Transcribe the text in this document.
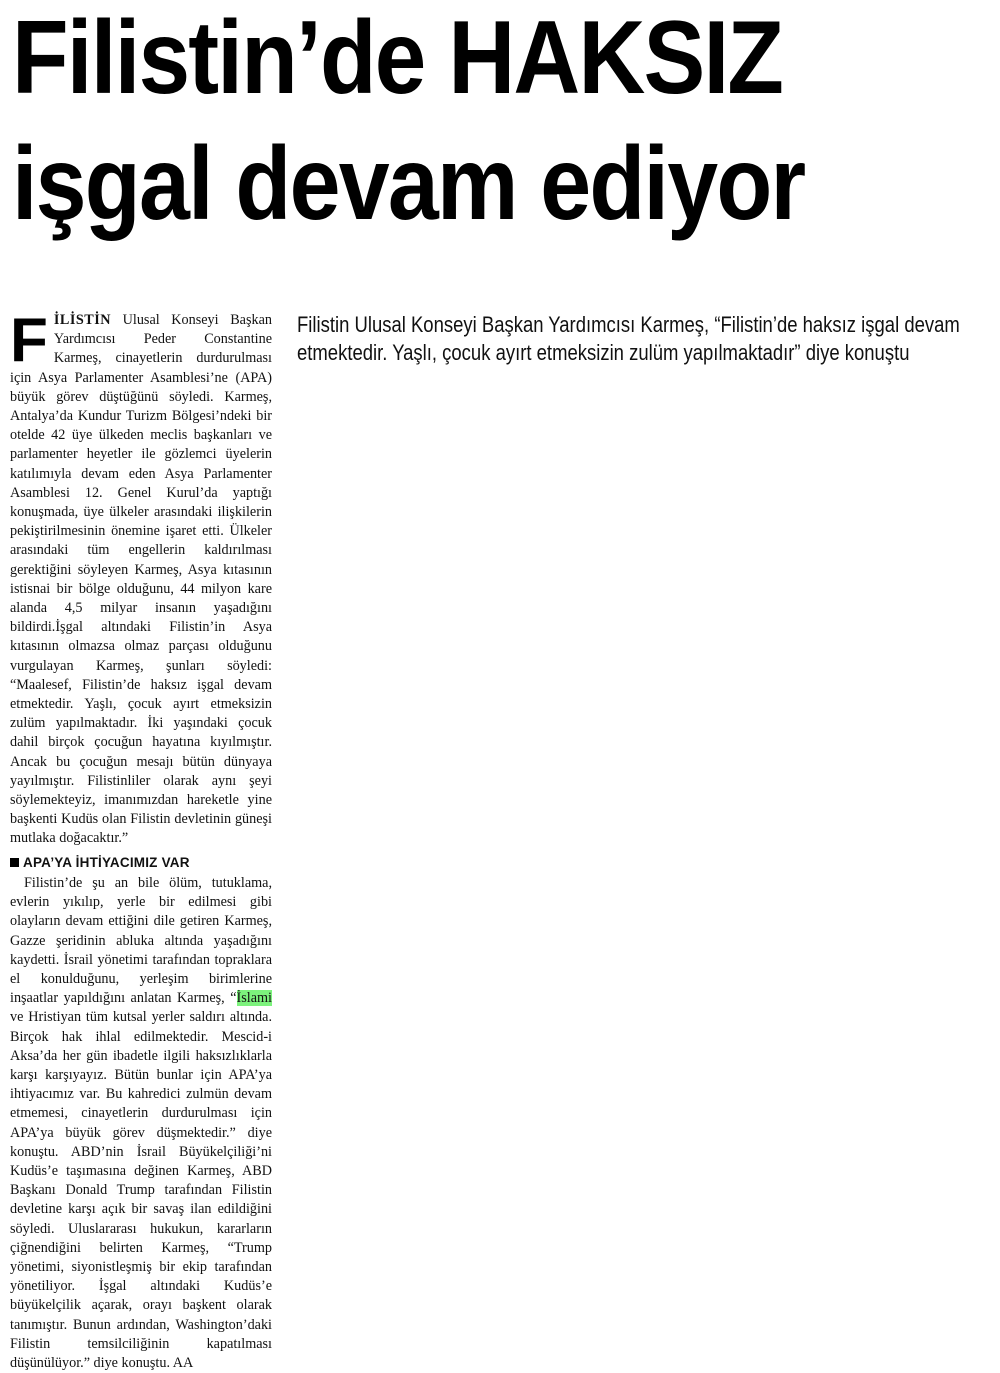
Filistin’de HAKSIZ
işgal devam ediyor
Filistin Ulusal Konseyi Başkan Yardımcısı Karmeş, “Filistin’de haksız işgal devam etmektedir. Yaşlı, çocuk ayırt etmeksizin zulüm yapılmaktadır” diye konuştu

FİLİSTİN Ulusal Konseyi Başkan Yardımcısı Peder Constantine Karmeş, cinayetlerin durdurulması için Asya Parlamenter Asamblesi’ne (APA) büyük görev düştüğünü söyledi. Karmeş, Antalya’da Kundur Turizm Bölgesi’ndeki bir otelde 42 üye ülkeden meclis başkanları ve parlamenter heyetler ile gözlemci üyelerin katılımıyla devam eden Asya Parlamenter Asamblesi 12. Genel Kurul’da yaptığı konuşmada, üye ülkeler arasındaki ilişkilerin pekiştirilmesinin önemine işaret etti. Ülkeler arasındaki tüm engellerin kaldırılması gerektiğini söyleyen Karmeş, Asya kıtasının istisnai bir bölge olduğunu, 44 milyon kare alanda 4,5 milyar insanın yaşadığını bildirdi.İşgal altındaki Filistin’in Asya kıtasının olmazsa olmaz parçası olduğunu vurgulayan Karmeş, şunları söyledi: “Maalesef, Filistin’de haksız işgal devam etmektedir. Yaşlı, çocuk ayırt etmeksizin zulüm yapılmaktadır. İki yaşındaki çocuk dahil birçok çocuğun hayatına kıyılmıştır. Ancak bu çocuğun mesajı bütün dünyaya yayılmıştır. Filistinliler olarak aynı şeyi söylemekteyiz, imanımızdan hareketle yine başkenti Kudüs olan Filistin devletinin güneşi mutlaka doğacaktır.”

APA’YA İHTİYACIMIZ VAR

Filistin’de şu an bile ölüm, tutuklama, evlerin yıkılıp, yerle bir edilmesi gibi olayların devam ettiğini dile getiren Karmeş, Gazze şeridinin abluka altında yaşadığını kaydetti. İsrail yönetimi tarafından topraklara el konulduğunu, yerleşim birimlerine inşaatlar yapıldığını anlatan Karmeş, “İslami ve Hristiyan tüm kutsal yerler saldırı altında. Birçok hak ihlal edilmektedir. Mescid-i Aksa’da her gün ibadetle ilgili haksızlıklarla karşı karşıyayız. Bütün bunlar için APA’ya ihtiyacımız var. Bu kahredici zulmün devam etmemesi, cinayetlerin durdurulması için APA’ya büyük görev düşmektedir.” diye konuştu. ABD’nin İsrail Büyükelçiliği’ni Kudüs’e taşımasına değinen Karmeş, ABD Başkanı Donald Trump tarafından Filistin devletine karşı açık bir savaş ilan edildiğini söyledi. Uluslararası hukukun, kararların çiğnendiğini belirten Karmeş, “Trump yönetimi, siyonistleşmiş bir ekip tarafından yönetiliyor. İşgal altındaki Kudüs’e büyükelçilik açarak, orayı başkent olarak tanımıştır. Bunun ardından, Washington’daki Filistin temsilciliğinin kapatılması düşünülüyor.” diye konuştu. AA
